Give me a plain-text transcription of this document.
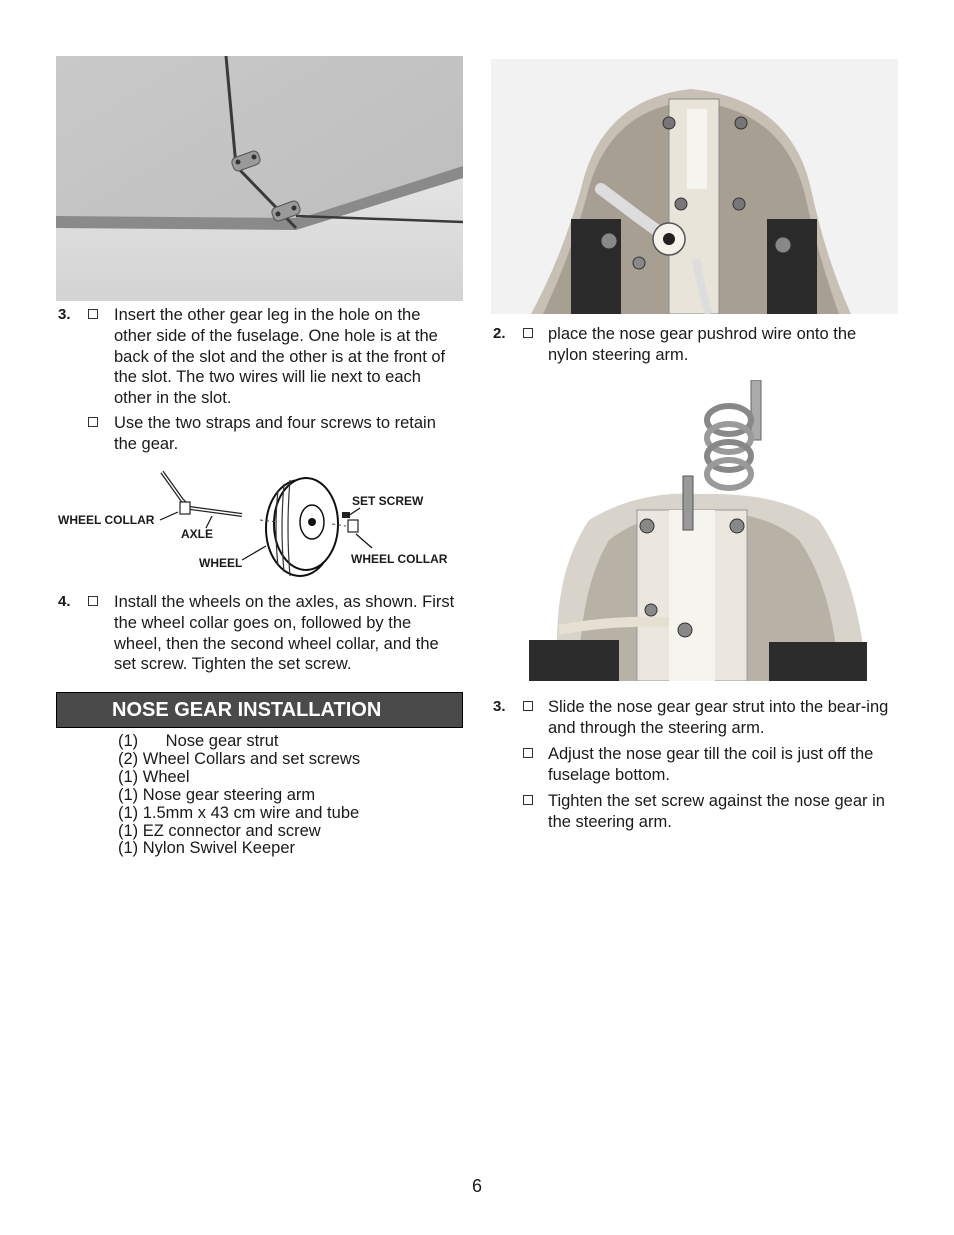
3.	Insert the other gear leg in the hole on the other side of the fuselage. One hole is at the back of the slot and the other is at the front of the slot. The two wires will lie next to each other in the slot.
Use the two straps and four screws to retain the gear.
WHEEL COLLAR
AXLE
WHEEL
SET SCREW
WHEEL COLLAR
4.	Install the wheels on the axles, as shown. First the wheel collar goes on, followed by the wheel, then the second wheel collar, and the set screw. Tighten the set screw.
NOSE GEAR INSTALLATION
(1)      Nose gear strut
(2) Wheel Collars and set screws
(1) Wheel
(1) Nose gear steering arm
(1) 1.5mm x 43 cm wire and tube
(1) EZ connector and screw
(1) Nylon Swivel Keeper
2.	place the nose gear pushrod wire onto the nylon steering arm.
3.	Slide the nose gear gear strut into the bear-ing and through the steering arm.
Adjust the nose gear till the coil is just off the fuselage bottom.
Tighten the set screw against the nose gear in the steering arm.
6
